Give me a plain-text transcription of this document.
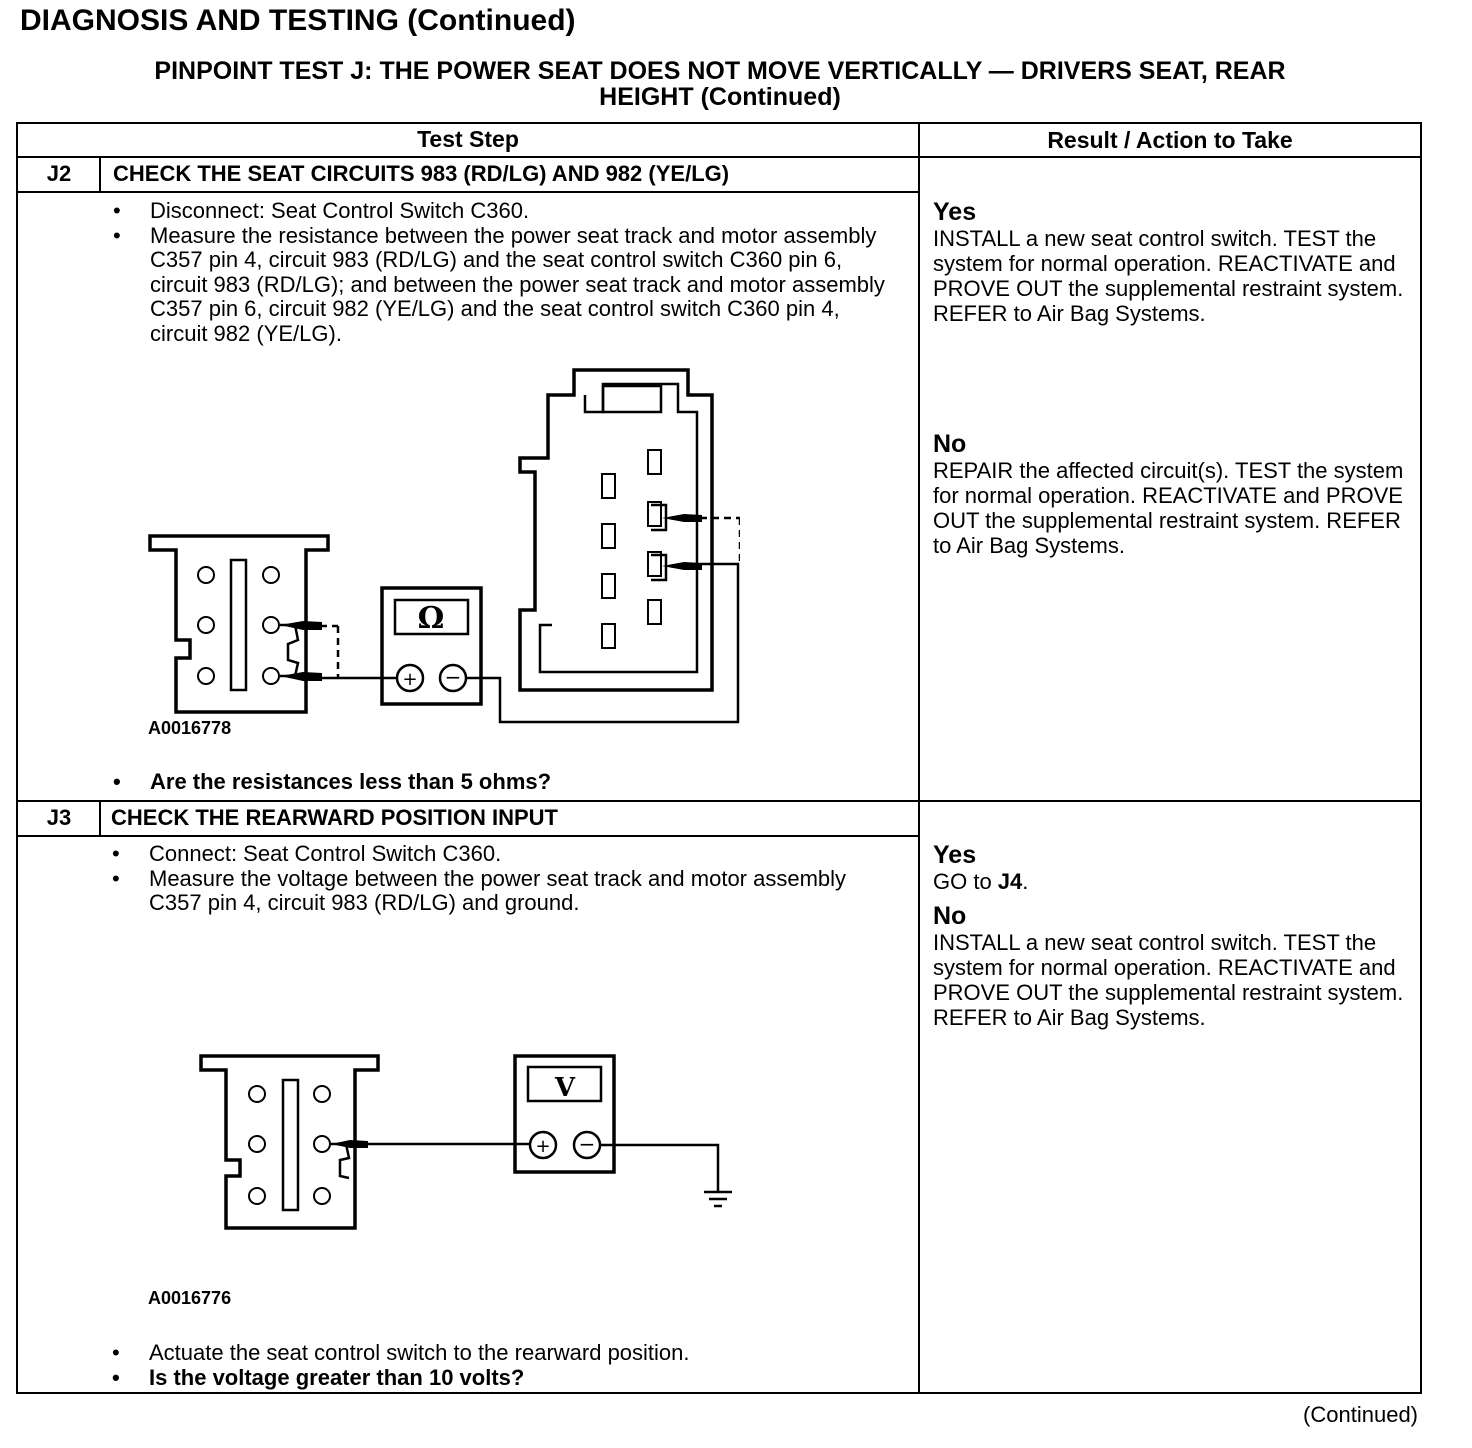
DIAGNOSIS AND TESTING (Continued)
PINPOINT TEST J: THE POWER SEAT DOES NOT MOVE VERTICALLY — DRIVERS SEAT, REAR
HEIGHT (Continued)
Test Step	Result / Action to Take
J2	CHECK THE SEAT CIRCUITS 983 (RD/LG) AND 982 (YE/LG)
• Disconnect: Seat Control Switch C360.
• Measure the resistance between the power seat track and motor assembly C357 pin 4, circuit 983 (RD/LG) and the seat control switch C360 pin 6, circuit 983 (RD/LG); and between the power seat track and motor assembly C357 pin 6, circuit 982 (YE/LG) and the seat control switch C360 pin 4, circuit 982 (YE/LG).
Ω
+ −
A0016778
• Are the resistances less than 5 ohms?
Yes
INSTALL a new seat control switch. TEST the system for normal operation. REACTIVATE and PROVE OUT the supplemental restraint system. REFER to Air Bag Systems.
No
REPAIR the affected circuit(s). TEST the system for normal operation. REACTIVATE and PROVE OUT the supplemental restraint system. REFER to Air Bag Systems.
J3	CHECK THE REARWARD POSITION INPUT
• Connect: Seat Control Switch C360.
• Measure the voltage between the power seat track and motor assembly C357 pin 4, circuit 983 (RD/LG) and ground.
V
+ −
A0016776
• Actuate the seat control switch to the rearward position.
• Is the voltage greater than 10 volts?
Yes
GO to J4.
No
INSTALL a new seat control switch. TEST the system for normal operation. REACTIVATE and PROVE OUT the supplemental restraint system. REFER to Air Bag Systems.
(Continued)
